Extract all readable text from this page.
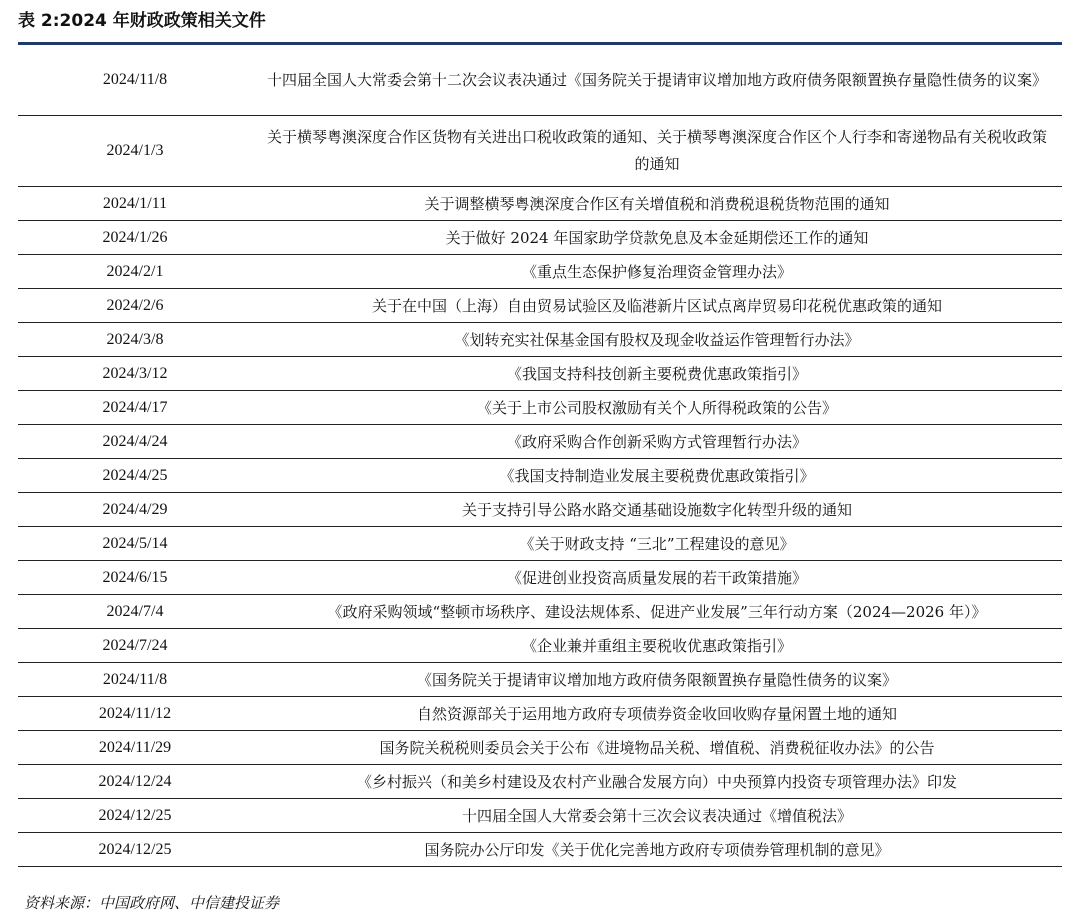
表 2:2024 年财政政策相关文件
2024/11/8	十四届全国人大常委会第十二次会议表决通过《国务院关于提请审议增加地方政府债务限额置换存量隐性债务的议案》
2024/1/3	关于横琴粤澳深度合作区货物有关进出口税收政策的通知、关于横琴粤澳深度合作区个人行李和寄递物品有关税收政策的通知
2024/1/11	关于调整横琴粤澳深度合作区有关增值税和消费税退税货物范围的通知
2024/1/26	关于做好 2024 年国家助学贷款免息及本金延期偿还工作的通知
2024/2/1	《重点生态保护修复治理资金管理办法》
2024/2/6	关于在中国（上海）自由贸易试验区及临港新片区试点离岸贸易印花税优惠政策的通知
2024/3/8	《划转充实社保基金国有股权及现金收益运作管理暂行办法》
2024/3/12	《我国支持科技创新主要税费优惠政策指引》
2024/4/17	《关于上市公司股权激励有关个人所得税政策的公告》
2024/4/24	《政府采购合作创新采购方式管理暂行办法》
2024/4/25	《我国支持制造业发展主要税费优惠政策指引》
2024/4/29	关于支持引导公路水路交通基础设施数字化转型升级的通知
2024/5/14	《关于财政支持 “三北”工程建设的意见》
2024/6/15	《促进创业投资高质量发展的若干政策措施》
2024/7/4	《政府采购领域“整顿市场秩序、建设法规体系、促进产业发展”三年行动方案（2024—2026 年）》
2024/7/24	《企业兼并重组主要税收优惠政策指引》
2024/11/8	《国务院关于提请审议增加地方政府债务限额置换存量隐性债务的议案》
2024/11/12	自然资源部关于运用地方政府专项债券资金收回收购存量闲置土地的通知
2024/11/29	国务院关税税则委员会关于公布《进境物品关税、增值税、消费税征收办法》的公告
2024/12/24	《乡村振兴（和美乡村建设及农村产业融合发展方向）中央预算内投资专项管理办法》印发
2024/12/25	十四届全国人大常委会第十三次会议表决通过《增值税法》
2024/12/25	国务院办公厅印发《关于优化完善地方政府专项债券管理机制的意见》
资料来源：中国政府网、中信建投证券
